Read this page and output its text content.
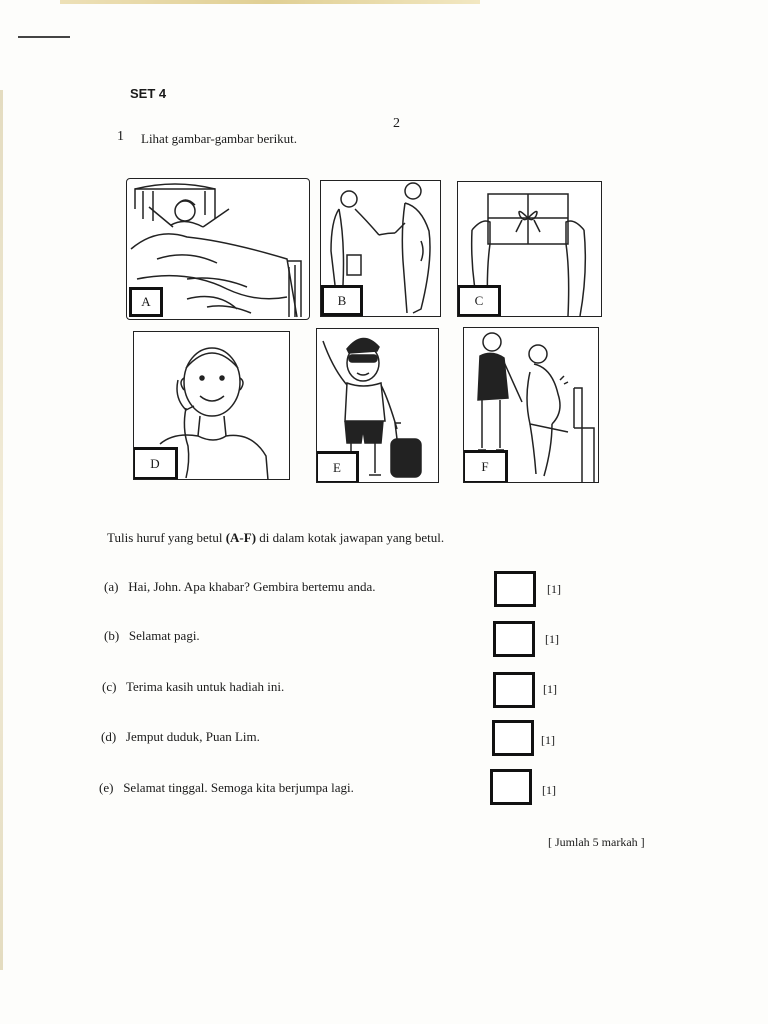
SET 4
2
1 Lihat gambar-gambar berikut.
A	B	C
D	E	F
Tulis huruf yang betul (A-F) di dalam kotak jawapan yang betul.
(a) Hai, John. Apa khabar? Gembira bertemu anda.	[1]
(b) Selamat pagi.	[1]
(c) Terima kasih untuk hadiah ini.	[1]
(d) Jemput duduk, Puan Lim.	[1]
(e) Selamat tinggal. Semoga kita berjumpa lagi.	[1]
[ Jumlah 5 markah ]
